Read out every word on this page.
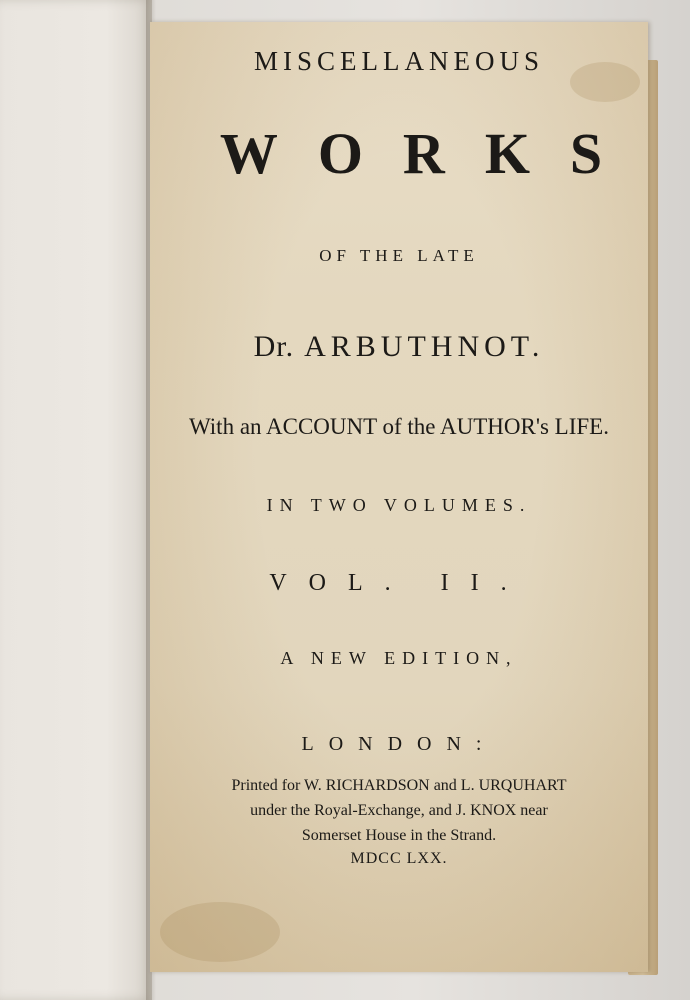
MISCELLANEOUS
WORKS
OF THE LATE
Dr. ARBUTHNOT.
With an ACCOUNT of the AUTHOR's LIFE.
IN TWO VOLUMES.
VOL. II.
A NEW EDITION,
LONDON:
Printed for W. RICHARDSON and L. URQUHART
under the Royal-Exchange, and J. KNOX near
Somerset House in the Strand.
MDCC LXX.
